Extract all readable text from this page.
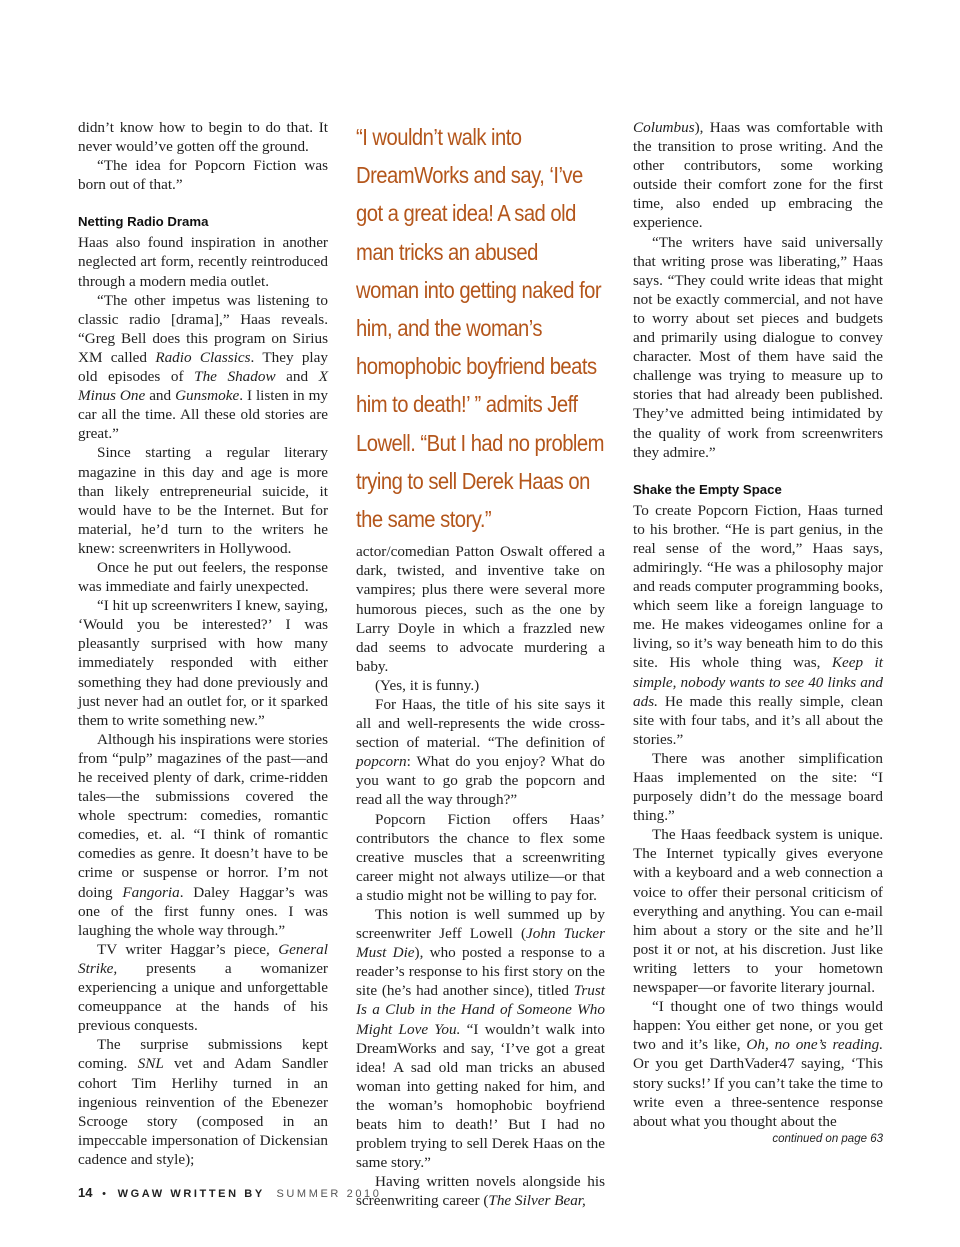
didn’t know how to begin to do that. It never would’ve gotten off the ground.

“The idea for Popcorn Fiction was born out of that.”

Netting Radio Drama

Haas also found inspiration in another neglected art form, recently reintroduced through a modern media outlet.

“The other impetus was listening to classic radio [drama],” Haas reveals. “Greg Bell does this program on Sirius XM called Radio Classics. They play old episodes of The Shadow and X Minus One and Gunsmoke. I listen in my car all the time. All these old stories are great.”

Since starting a regular literary magazine in this day and age is more than likely entrepreneurial suicide, it would have to be the Internet. But for material, he’d turn to the writers he knew: screenwriters in Hollywood.

Once he put out feelers, the response was immediate and fairly unexpected.

“I hit up screenwriters I knew, saying, ‘Would you be interested?’ I was pleasantly surprised with how many immediately responded with either something they had done previously and just never had an outlet for, or it sparked them to write something new.”

Although his inspirations were stories from “pulp” magazines of the past—and he received plenty of dark, crime-ridden tales—the submissions covered the whole spectrum: comedies, romantic comedies, et. al. “I think of romantic comedies as genre. It doesn’t have to be crime or suspense or horror. I’m not doing Fangoria. Daley Haggar’s was one of the first funny ones. I was laughing the whole way through.”

TV writer Haggar’s piece, General Strike, presents a womanizer experiencing a unique and unforgettable comeuppance at the hands of his previous conquests.

The surprise submissions kept coming. SNL vet and Adam Sandler cohort Tim Herlihy turned in an ingenious reinvention of the Ebenezer Scrooge story (composed in an impeccable impersonation of Dickensian cadence and style);

“I wouldn’t walk into DreamWorks and say, ‘I’ve got a great idea! A sad old man tricks an abused woman into getting naked for him, and the woman’s homophobic boyfriend beats him to death!’ ” admits Jeff Lowell. “But I had no problem trying to sell Derek Haas on the same story.”

actor/comedian Patton Oswalt offered a dark, twisted, and inventive take on vampires; plus there were several more humorous pieces, such as the one by Larry Doyle in which a frazzled new dad seems to advocate murdering a baby.

(Yes, it is funny.)

For Haas, the title of his site says it all and well-represents the wide cross-section of material. “The definition of popcorn: What do you enjoy? What do you want to go grab the popcorn and read all the way through?”

Popcorn Fiction offers Haas’ contributors the chance to flex some creative muscles that a screenwriting career might not always utilize—or that a studio might not be willing to pay for.

This notion is well summed up by screenwriter Jeff Lowell (John Tucker Must Die), who posted a response to a reader’s response to his first story on the site (he’s had another since), titled Trust Is a Club in the Hand of Someone Who Might Love You. “I wouldn’t walk into DreamWorks and say, ‘I’ve got a great idea! A sad old man tricks an abused woman into getting naked for him, and the woman’s homophobic boyfriend beats him to death!’ But I had no problem trying to sell Derek Haas on the same story.”

Having written novels alongside his screenwriting career (The Silver Bear,

Columbus), Haas was comfortable with the transition to prose writing. And the other contributors, some working outside their comfort zone for the first time, also ended up embracing the experience.

“The writers have said universally that writing prose was liberating,” Haas says. “They could write ideas that might not be exactly commercial, and not have to worry about set pieces and budgets and primarily using dialogue to convey character. Most of them have said the challenge was trying to measure up to stories that had already been published. They’ve admitted being intimidated by the quality of work from screenwriters they admire.”

Shake the Empty Space

To create Popcorn Fiction, Haas turned to his brother. “He is part genius, in the real sense of the word,” Haas says, admiringly. “He was a philosophy major and reads computer programming books, which seem like a foreign language to me. He makes videogames online for a living, so it’s way beneath him to do this site. His whole thing was, Keep it simple, nobody wants to see 40 links and ads. He made this really simple, clean site with four tabs, and it’s all about the stories.”

There was another simplification Haas implemented on the site: “I purposely didn’t do the message board thing.”

The Haas feedback system is unique. The Internet typically gives everyone with a keyboard and a web connection a voice to offer their personal criticism of everything and anything. You can e-mail him about a story or the site and he’ll post it or not, at his discretion. Just like writing letters to your hometown newspaper—or favorite literary journal.

“I thought one of two things would happen: You either get none, or you get two and it’s like, Oh, no one’s reading. Or you get DarthVader47 saying, ‘This story sucks!’ If you can’t take the time to write even a three-sentence response about what you thought about the

continued on page 63
14 • WGAW WRITTEN BY SUMMER 2010
